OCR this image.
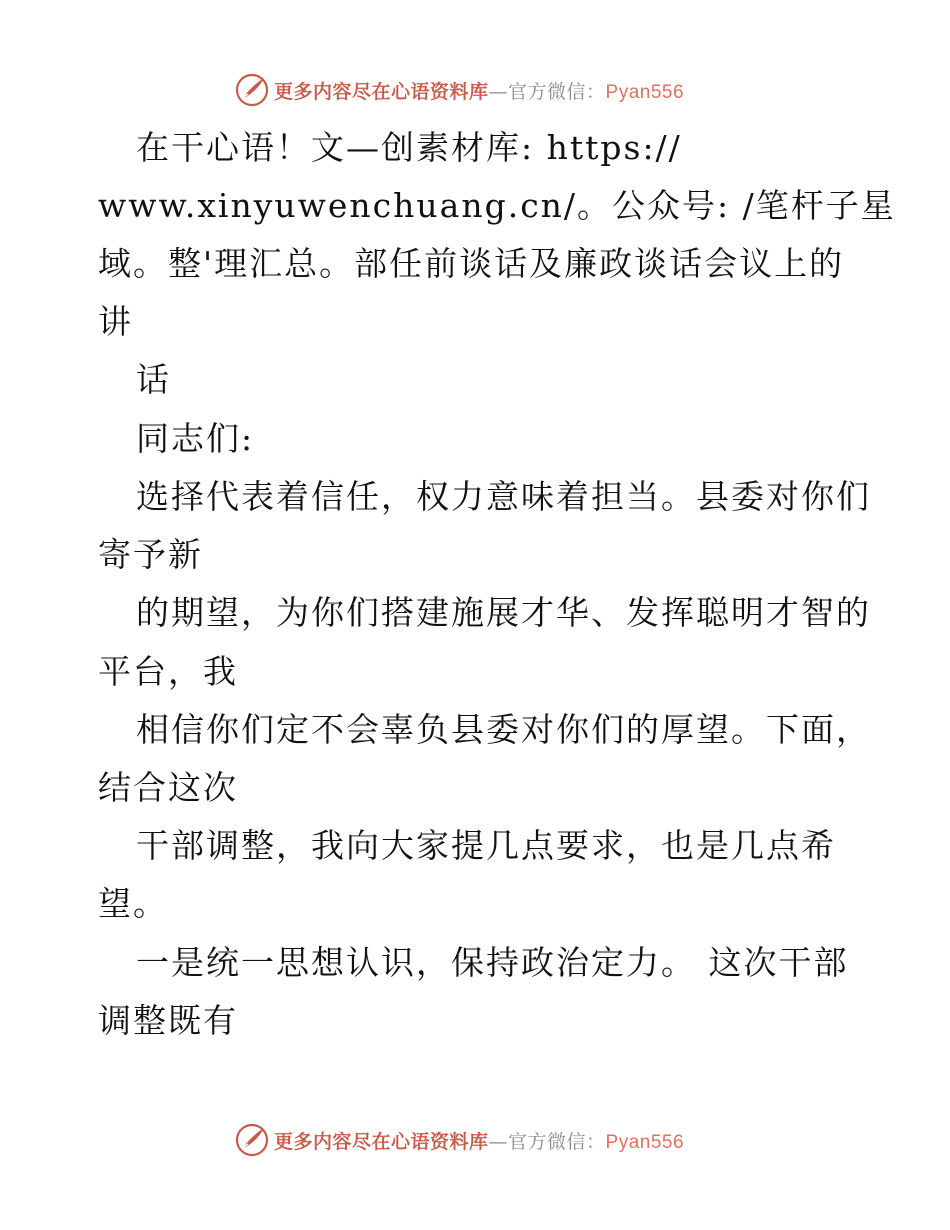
更多内容尽在心语资料库—官方微信：Pyan556
在干心语！文—创素材库: https://
www.xinyuwenchuang.cn/。公众号: /笔杆子星
域。整'理汇总。部任前谈话及廉政谈话会议上的
讲
话
同志们:
选择代表着信任，权力意味着担当。县委对你们
寄予新
的期望，为你们搭建施展才华、发挥聪明才智的
平台，我
相信你们定不会辜负县委对你们的厚望。下面，
结合这次
干部调整，我向大家提几点要求，也是几点希
望。
一是统一思想认识，保持政治定力。 这次干部
调整既有
更多内容尽在心语资料库—官方微信：Pyan556
